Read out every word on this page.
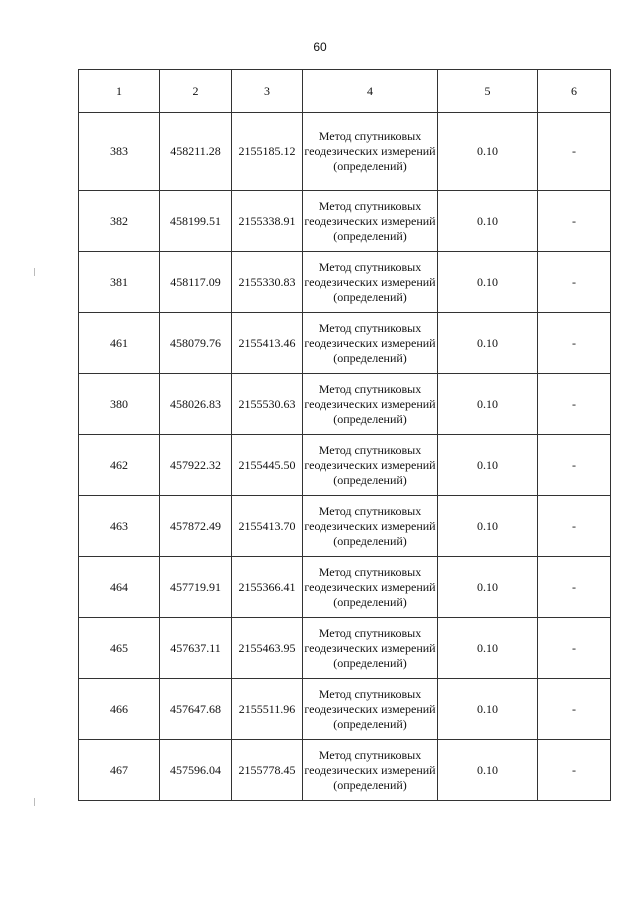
60
1	2	3	4	5	6
383	458211.28	2155185.12	Метод спутниковых геодезических измерений (определений)	0.10	-
382	458199.51	2155338.91	Метод спутниковых геодезических измерений (определений)	0.10	-
381	458117.09	2155330.83	Метод спутниковых геодезических измерений (определений)	0.10	-
461	458079.76	2155413.46	Метод спутниковых геодезических измерений (определений)	0.10	-
380	458026.83	2155530.63	Метод спутниковых геодезических измерений (определений)	0.10	-
462	457922.32	2155445.50	Метод спутниковых геодезических измерений (определений)	0.10	-
463	457872.49	2155413.70	Метод спутниковых геодезических измерений (определений)	0.10	-
464	457719.91	2155366.41	Метод спутниковых геодезических измерений (определений)	0.10	-
465	457637.11	2155463.95	Метод спутниковых геодезических измерений (определений)	0.10	-
466	457647.68	2155511.96	Метод спутниковых геодезических измерений (определений)	0.10	-
467	457596.04	2155778.45	Метод спутниковых геодезических измерений (определений)	0.10	-
